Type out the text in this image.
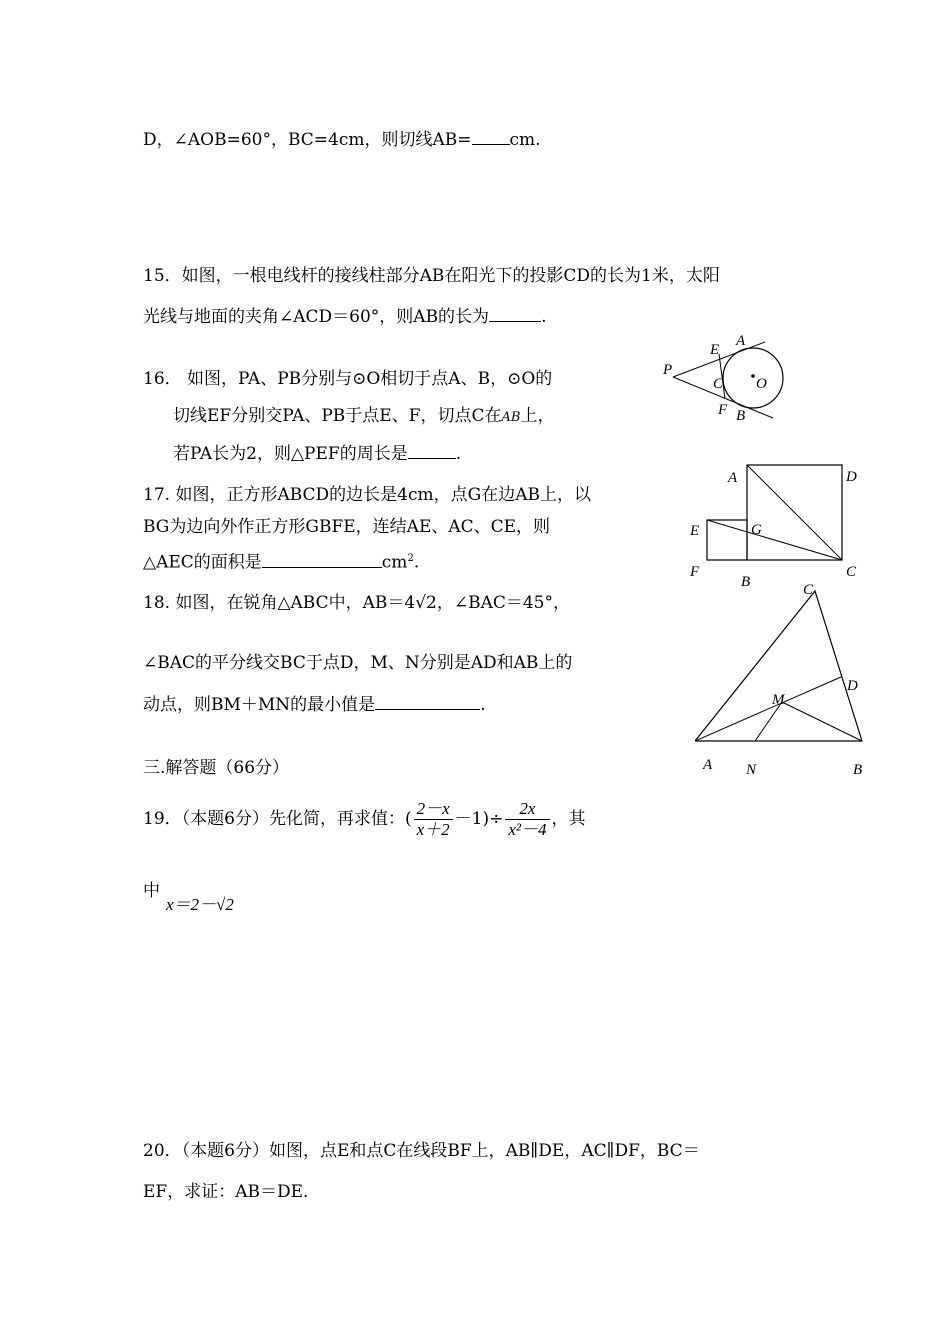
D，∠AOB=60°，BC=4cm，则切线AB= cm.
15．如图，一根电线杆的接线柱部分AB在阳光下的投影CD的长为1米，太阳
光线与地面的夹角∠ACD＝60°，则AB的长为	.
16． 如图，PA、PB分别与⊙O相切于点A、B，⊙O的
切线EF分别交PA、PB于点E、F，切点C在AB上，
若PA长为2，则△PEF的周长是	.
17. 如图，正方形ABCD的边长是4cm，点G在边AB上，以
BG为边向外作正方形GBFE，连结AE、AC、CE，则
△AEC的面积是	$cm^2$.
18. 如图，在锐角△ABC中，AB＝4√2，∠BAC＝45°，
∠BAC的平分线交BC于点D，M、N分别是AD和AB上的
动点，则BM＋MN的最小值是	.
三.解答题（66分）
19．（本题6分）先化简，再求值：( $\frac{2-x}{x+2} -1)\div \frac{2x}{\text{x²－4}}$ ，其
中
x＝2－√2
20．（本题6分）如图，点E和点C在线段BF上，AB∥DE，AC∥DF，BC＝
EF，求证：AB＝DE.
P
E
A
C O
F B
A	D
E	G
F
B
C
C
D
M
A N	B
